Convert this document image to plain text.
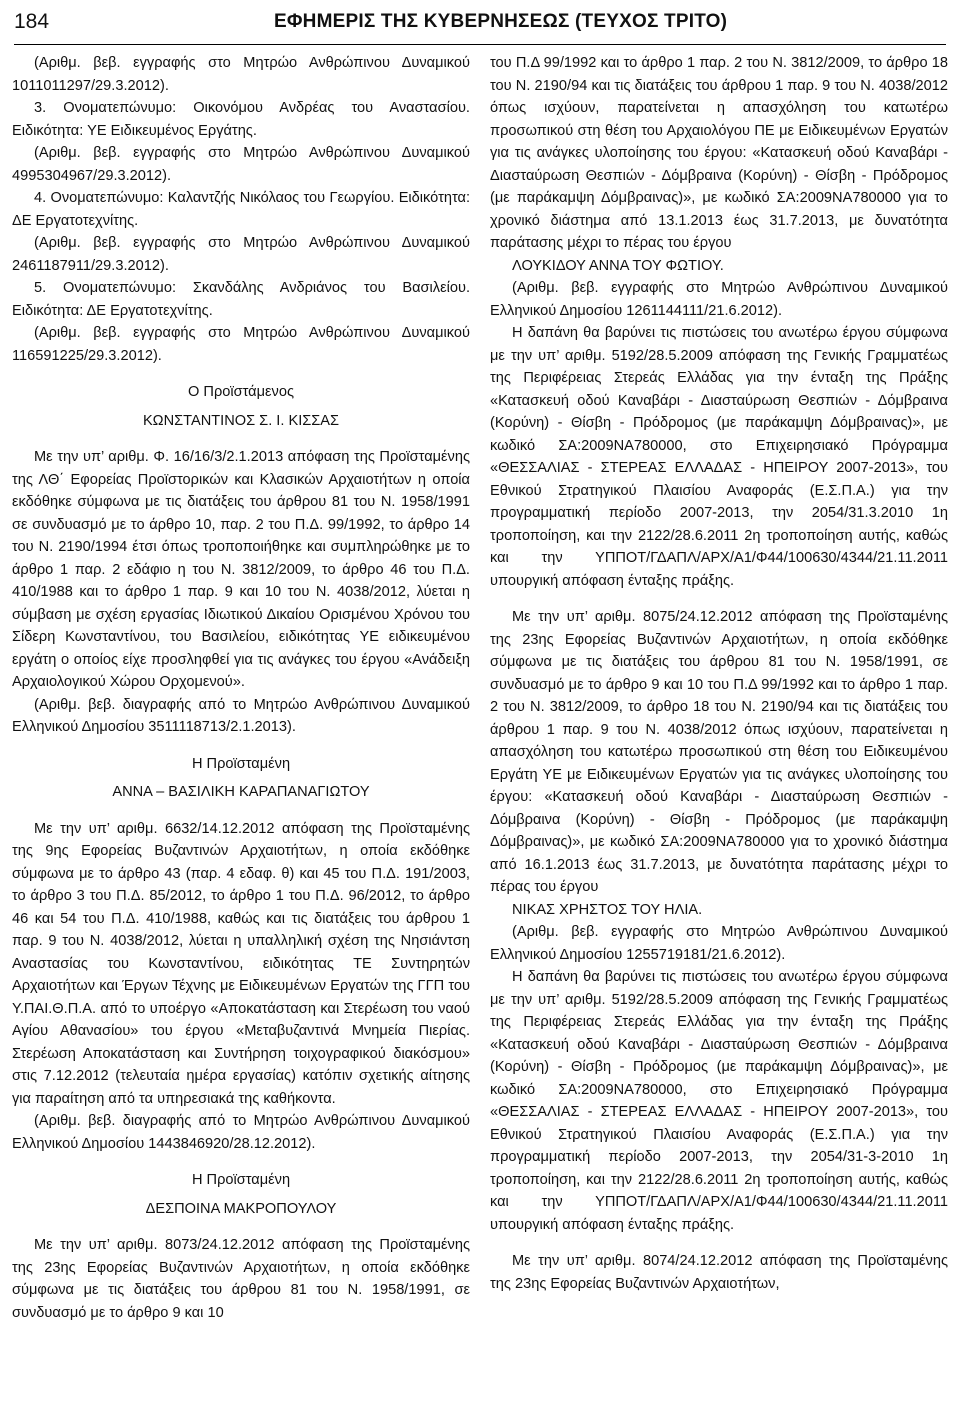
184	ΕΦΗΜΕΡΙΣ ΤΗΣ ΚΥΒΕΡΝΗΣΕΩΣ (ΤΕΥΧΟΣ ΤΡΙΤΟ)

(Αριθμ. βεβ. εγγραφής στο Μητρώο Ανθρώπινου Δυναμικού 1011011297/29.3.2012).

3. Ονοματεπώνυμο: Οικονόμου Ανδρέας του Αναστασίου. Ειδικότητα: ΥΕ Ειδικευμένος Εργάτης.

(Αριθμ. βεβ. εγγραφής στο Μητρώο Ανθρώπινου Δυναμικού 4995304967/29.3.2012).

4. Ονοματεπώνυμο: Καλαντζής Νικόλαος του Γεωργίου. Ειδικότητα: ΔΕ Εργατοτεχνίτης.

(Αριθμ. βεβ. εγγραφής στο Μητρώο Ανθρώπινου Δυναμικού 2461187911/29.3.2012).

5. Ονοματεπώνυμο: Σκανδάλης Ανδριάνος του Βασιλείου. Ειδικότητα: ΔΕ Εργατοτεχνίτης.

(Αριθμ. βεβ. εγγραφής στο Μητρώο Ανθρώπινου Δυναμικού 116591225/29.3.2012).

Ο Προϊστάμενος

ΚΩΝΣΤΑΝΤΙΝΟΣ Σ. Ι. ΚΙΣΣΑΣ

Με την υπ’ αριθμ. Φ. 16/16/3/2.1.2013 απόφαση της Προϊσταμένης της ΛΘ΄ Εφορείας Προϊστορικών και Κλασικών Αρχαιοτήτων η οποία εκδόθηκε σύμφωνα με τις διατάξεις του άρθρου 81 του Ν. 1958/1991 σε συνδυασμό με το άρθρο 10, παρ. 2 του Π.Δ. 99/1992, το άρθρο 14 του Ν. 2190/1994 έτσι όπως τροποποιήθηκε και συμπληρώθηκε με το άρθρο 1 παρ. 2 εδάφιο η του Ν. 3812/2009, το άρθρο 46 του Π.Δ. 410/1988 και το άρθρο 1 παρ. 9 και 10 του Ν. 4038/2012, λύεται η σύμβαση με σχέση εργασίας Ιδιωτικού Δικαίου Ορισμένου Χρόνου του Σίδερη Κωνσταντίνου, του Βασιλείου, ειδικότητας ΥΕ ειδικευμένου εργάτη ο οποίος είχε προσληφθεί για τις ανάγκες του έργου «Ανάδειξη Αρχαιολογικού Χώρου Ορχομενού».

(Αριθμ. βεβ. διαγραφής από το Μητρώο Ανθρώπινου Δυναμικού Ελληνικού Δημοσίου 3511118713/2.1.2013).

Η Προϊσταμένη

ΑΝΝΑ – ΒΑΣΙΛΙΚΗ ΚΑΡΑΠΑΝΑΓΙΩΤΟΥ

Με την υπ’ αριθμ. 6632/14.12.2012 απόφαση της Προϊσταμένης της 9ης Εφορείας Βυζαντινών Αρχαιοτήτων, η οποία εκδόθηκε σύμφωνα με το άρθρο 43 (παρ. 4 εδαφ. θ) και 45 του Π.Δ. 191/2003, το άρθρο 3 του Π.Δ. 85/2012, το άρθρο 1 του Π.Δ. 96/2012, το άρθρο 46 και 54 του Π.Δ. 410/1988, καθώς και τις διατάξεις του άρθρου 1 παρ. 9 του Ν. 4038/2012, λύεται η υπαλληλική σχέση της Νησιάντση Αναστασίας του Κωνσταντίνου, ειδικότητας ΤΕ Συντηρητών Αρχαιοτήτων και Έργων Τέχνης με Ειδικευμένων Εργατών της ΓΓΠ του Υ.ΠΑΙ.Θ.Π.Α. από το υποέργο «Αποκατάσταση και Στερέωση του ναού Αγίου Αθανασίου» του έργου «Μεταβυζαντινά Μνημεία Πιερίας. Στερέωση Αποκατάσταση και Συντήρηση τοιχογραφικού διακόσμου» στις 7.12.2012 (τελευταία ημέρα εργασίας) κατόπιν σχετικής αίτησης για παραίτηση από τα υπηρεσιακά της καθήκοντα.

(Αριθμ. βεβ. διαγραφής από το Μητρώο Ανθρώπινου Δυναμικού Ελληνικού Δημοσίου 1443846920/28.12.2012).

Η Προϊσταμένη

ΔΕΣΠΟΙΝΑ ΜΑΚΡΟΠΟΥΛΟΥ

Με την υπ’ αριθμ. 8073/24.12.2012 απόφαση της Προϊσταμένης της 23ης Εφορείας Βυζαντινών Αρχαιοτήτων, η οποία εκδόθηκε σύμφωνα με τις διατάξεις του άρθρου 81 του Ν. 1958/1991, σε συνδυασμό με το άρθρο 9 και 10

του Π.Δ 99/1992 και το άρθρο 1 παρ. 2 του Ν. 3812/2009, το άρθρο 18 του Ν. 2190/94 και τις διατάξεις του άρθρου 1 παρ. 9 του Ν. 4038/2012 όπως ισχύουν, παρατείνεται η απασχόληση του κατωτέρω προσωπικού στη θέση του Αρχαιολόγου ΠΕ με Ειδικευμένων Εργατών για τις ανάγκες υλοποίησης του έργου: «Κατασκευή οδού Καναβάρι - Διασταύρωση Θεσπιών - Δόμβραινα (Κορύνη) - Θίσβη - Πρόδρομος (με παράκαμψη Δόμβραινας)», με κωδικό ΣΑ:2009ΝΑ780000 για το χρονικό διάστημα από 13.1.2013 έως 31.7.2013, με δυνατότητα παράτασης μέχρι το πέρας του έργου

ΛΟΥΚΙΔΟΥ ΑΝΝΑ ΤΟΥ ΦΩΤΙΟΥ.

(Αριθμ. βεβ. εγγραφής στο Μητρώο Ανθρώπινου Δυναμικού Ελληνικού Δημοσίου 1261144111/21.6.2012).

Η δαπάνη θα βαρύνει τις πιστώσεις του ανωτέρω έργου σύμφωνα με την υπ’ αριθμ. 5192/28.5.2009 απόφαση της Γενικής Γραμματέως της Περιφέρειας Στερεάς Ελλάδας για την ένταξη της Πράξης «Κατασκευή οδού Καναβάρι - Διασταύρωση Θεσπιών - Δόμβραινα (Κορύνη) - Θίσβη - Πρόδρομος (με παράκαμψη Δόμβραινας)», με κωδικό ΣΑ:2009ΝΑ780000, στο Επιχειρησιακό Πρόγραμμα «ΘΕΣΣΑΛΙΑΣ - ΣΤΕΡΕΑΣ ΕΛΛΑΔΑΣ - ΗΠΕΙΡΟΥ 2007-2013», του Εθνικού Στρατηγικού Πλαισίου Αναφοράς (Ε.Σ.Π.Α.) για την προγραμματική περίοδο 2007-2013, την 2054/31.3.2010 1η τροποποίηση, και την 2122/28.6.2011 2η τροποποίηση αυτής, καθώς και την ΥΠΠΟΤ/ΓΔΑΠΛ/ΑΡΧ/Α1/Φ44/100630/4344/21.11.2011 υπουργική απόφαση ένταξης πράξης.

Με την υπ’ αριθμ. 8075/24.12.2012 απόφαση της Προϊσταμένης της 23ης Εφορείας Βυζαντινών Αρχαιοτήτων, η οποία εκδόθηκε σύμφωνα με τις διατάξεις του άρθρου 81 του Ν. 1958/1991, σε συνδυασμό με το άρθρο 9 και 10 του Π.Δ 99/1992 και το άρθρο 1 παρ. 2 του Ν. 3812/2009, το άρθρο 18 του Ν. 2190/94 και τις διατάξεις του άρθρου 1 παρ. 9 του Ν. 4038/2012 όπως ισχύουν, παρατείνεται η απασχόληση του κατωτέρω προσωπικού στη θέση του Ειδικευμένου Εργάτη ΥΕ με Ειδικευμένων Εργατών για τις ανάγκες υλοποίησης του έργου: «Κατασκευή οδού Καναβάρι - Διασταύρωση Θεσπιών - Δόμβραινα (Κορύνη) - Θίσβη - Πρόδρομος (με παράκαμψη Δόμβραινας)», με κωδικό ΣΑ:2009ΝΑ780000 για το χρονικό διάστημα από 16.1.2013 έως 31.7.2013, με δυνατότητα παράτασης μέχρι το πέρας του έργου

ΝΙΚΑΣ ΧΡΗΣΤΟΣ ΤΟΥ ΗΛΙΑ.

(Αριθμ. βεβ. εγγραφής στο Μητρώο Ανθρώπινου Δυναμικού Ελληνικού Δημοσίου 1255719181/21.6.2012).

Η δαπάνη θα βαρύνει τις πιστώσεις του ανωτέρω έργου σύμφωνα με την υπ’ αριθμ. 5192/28.5.2009 απόφαση της Γενικής Γραμματέως της Περιφέρειας Στερεάς Ελλάδας για την ένταξη της Πράξης «Κατασκευή οδού Καναβάρι - Διασταύρωση Θεσπιών - Δόμβραινα (Κορύνη) - Θίσβη - Πρόδρομος (με παράκαμψη Δόμβραινας)», με κωδικό ΣΑ:2009ΝΑ780000, στο Επιχειρησιακό Πρόγραμμα «ΘΕΣΣΑΛΙΑΣ - ΣΤΕΡΕΑΣ ΕΛΛΑΔΑΣ - ΗΠΕΙΡΟΥ 2007-2013», του Εθνικού Στρατηγικού Πλαισίου Αναφοράς (Ε.Σ.Π.Α.) για την προγραμματική περίοδο 2007-2013, την 2054/31-3-2010 1η τροποποίηση, και την 2122/28.6.2011 2η τροποποίηση αυτής, καθώς και την ΥΠΠΟΤ/ΓΔΑΠΛ/ΑΡΧ/Α1/Φ44/100630/4344/21.11.2011 υπουργική απόφαση ένταξης πράξης.

Με την υπ’ αριθμ. 8074/24.12.2012 απόφαση της Προϊσταμένης της 23ης Εφορείας Βυζαντινών Αρχαιοτήτων,
